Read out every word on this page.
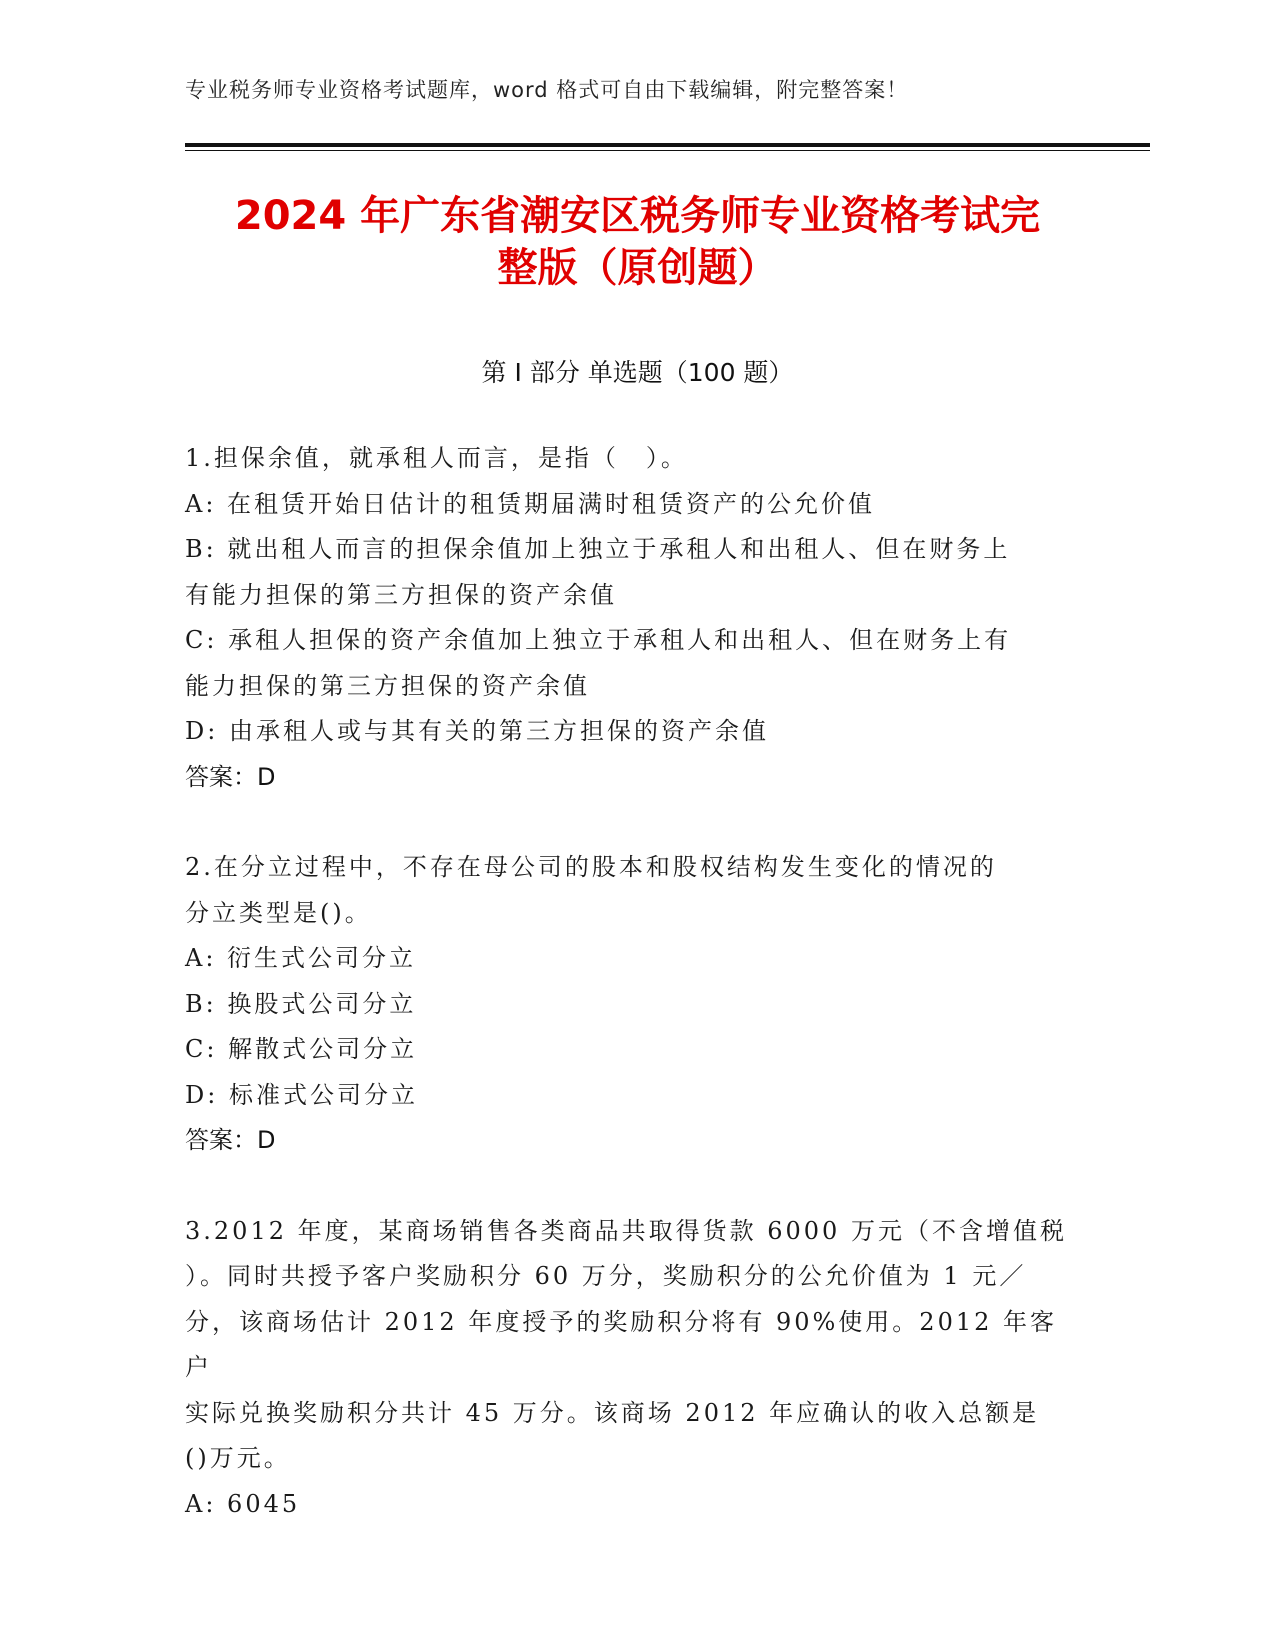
专业税务师专业资格考试题库，word 格式可自由下载编辑，附完整答案！
2024 年广东省潮安区税务师专业资格考试完
整版（原创题）
第 I 部分 单选题（100 题）
1.担保余值，就承租人而言，是指（　）。
A: 在租赁开始日估计的租赁期届满时租赁资产的公允价值
B: 就出租人而言的担保余值加上独立于承租人和出租人、但在财务上
有能力担保的第三方担保的资产余值
C: 承租人担保的资产余值加上独立于承租人和出租人、但在财务上有
能力担保的第三方担保的资产余值
D: 由承租人或与其有关的第三方担保的资产余值
答案：D
2.在分立过程中，不存在母公司的股本和股权结构发生变化的情况的
分立类型是()。
A: 衍生式公司分立
B: 换股式公司分立
C: 解散式公司分立
D: 标准式公司分立
答案：D
3.2012 年度，某商场销售各类商品共取得货款 6000 万元（不含增值税
）。同时共授予客户奖励积分 60 万分，奖励积分的公允价值为 1 元／
分，该商场估计 2012 年度授予的奖励积分将有 90%使用。2012 年客户
实际兑换奖励积分共计 45 万分。该商场 2012 年应确认的收入总额是
()万元。
A: 6045
